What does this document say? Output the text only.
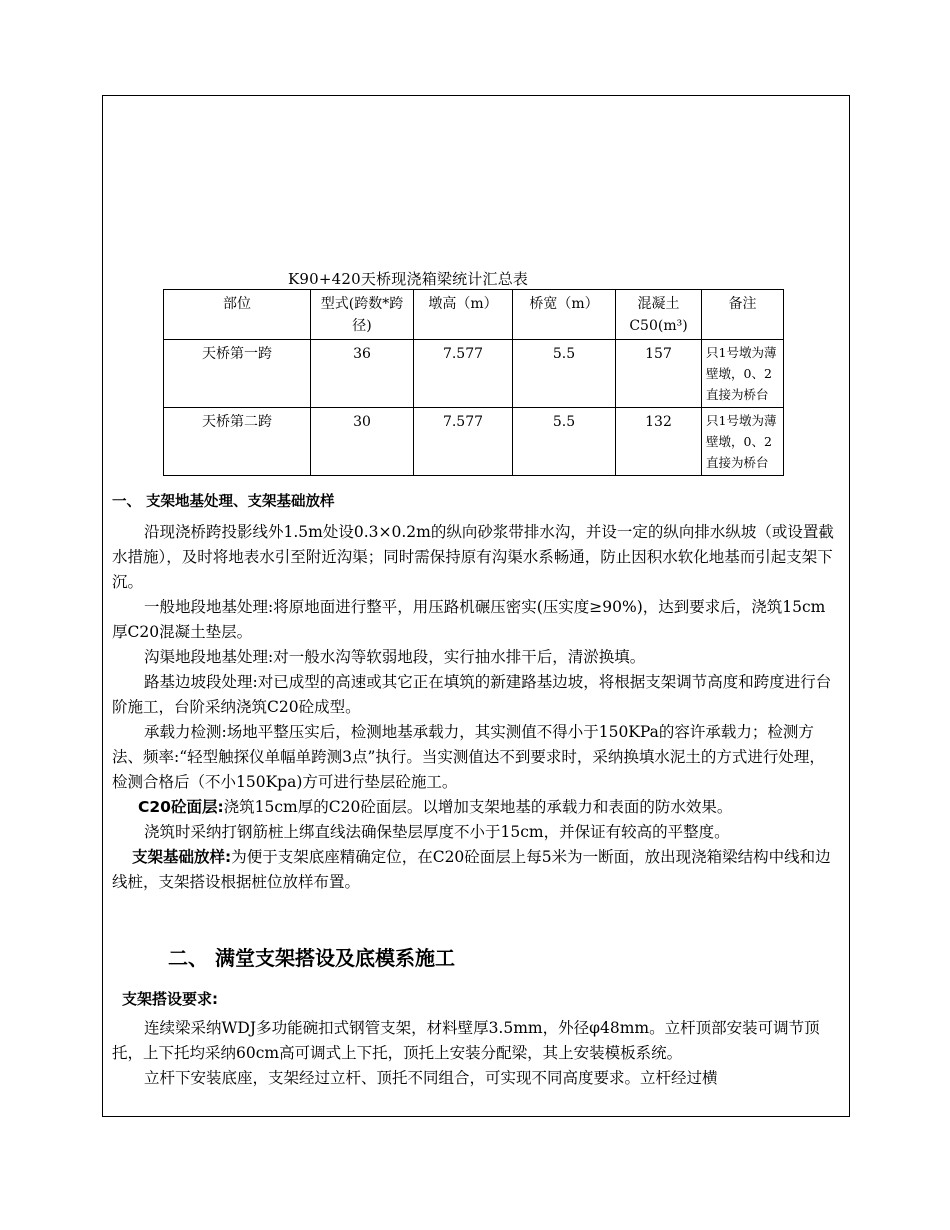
K90+420天桥现浇箱梁统计汇总表
部位	型式(跨数*跨径)	墩高（m）	桥宽（m）	混凝土C50(m³)	备注
天桥第一跨	36	7.577	5.5	157	只1号墩为薄壁墩，0、2直接为桥台
天桥第二跨	30	7.577	5.5	132	只1号墩为薄壁墩，0、2直接为桥台
一、 支架地基处理、支架基础放样

沿现浇桥跨投影线外1.5m处设0.3×0.2m的纵向砂浆带排水沟，并设一定的纵向排水纵坡（或设置截水措施），及时将地表水引至附近沟渠；同时需保持原有沟渠水系畅通，防止因积水软化地基而引起支架下沉。

一般地段地基处理:将原地面进行整平，用压路机碾压密实(压实度≥90%)，达到要求后，浇筑15cm厚C20混凝土垫层。

沟渠地段地基处理:对一般水沟等软弱地段，实行抽水排干后，清淤换填。

路基边坡段处理:对已成型的高速或其它正在填筑的新建路基边坡，将根据支架调节高度和跨度进行台阶施工，台阶采纳浇筑C20砼成型。

承载力检测:场地平整压实后，检测地基承载力，其实测值不得小于150KPa的容许承载力；检测方法、频率:“轻型触探仪单幅单跨测3点”执行。当实测值达不到要求时，采纳换填水泥土的方式进行处理，检测合格后（不小150Kpa)方可进行垫层砼施工。

C20砼面层:浇筑15cm厚的C20砼面层。以增加支架地基的承载力和表面的防水效果。

浇筑时采纳打钢筋桩上绑直线法确保垫层厚度不小于15cm，并保证有较高的平整度。

支架基础放样:为便于支架底座精确定位，在C20砼面层上每5米为一断面，放出现浇箱梁结构中线和边线桩，支架搭设根据桩位放样布置。

二、 满堂支架搭设及底模系施工
支架搭设要求:

连续梁采纳WDJ多功能碗扣式钢管支架，材料壁厚3.5mm，外径φ48mm。立杆顶部安装可调节顶托，上下托均采纳60cm高可调式上下托，顶托上安装分配梁，其上安装模板系统。

立杆下安装底座，支架经过立杆、顶托不同组合，可实现不同高度要求。立杆经过横
